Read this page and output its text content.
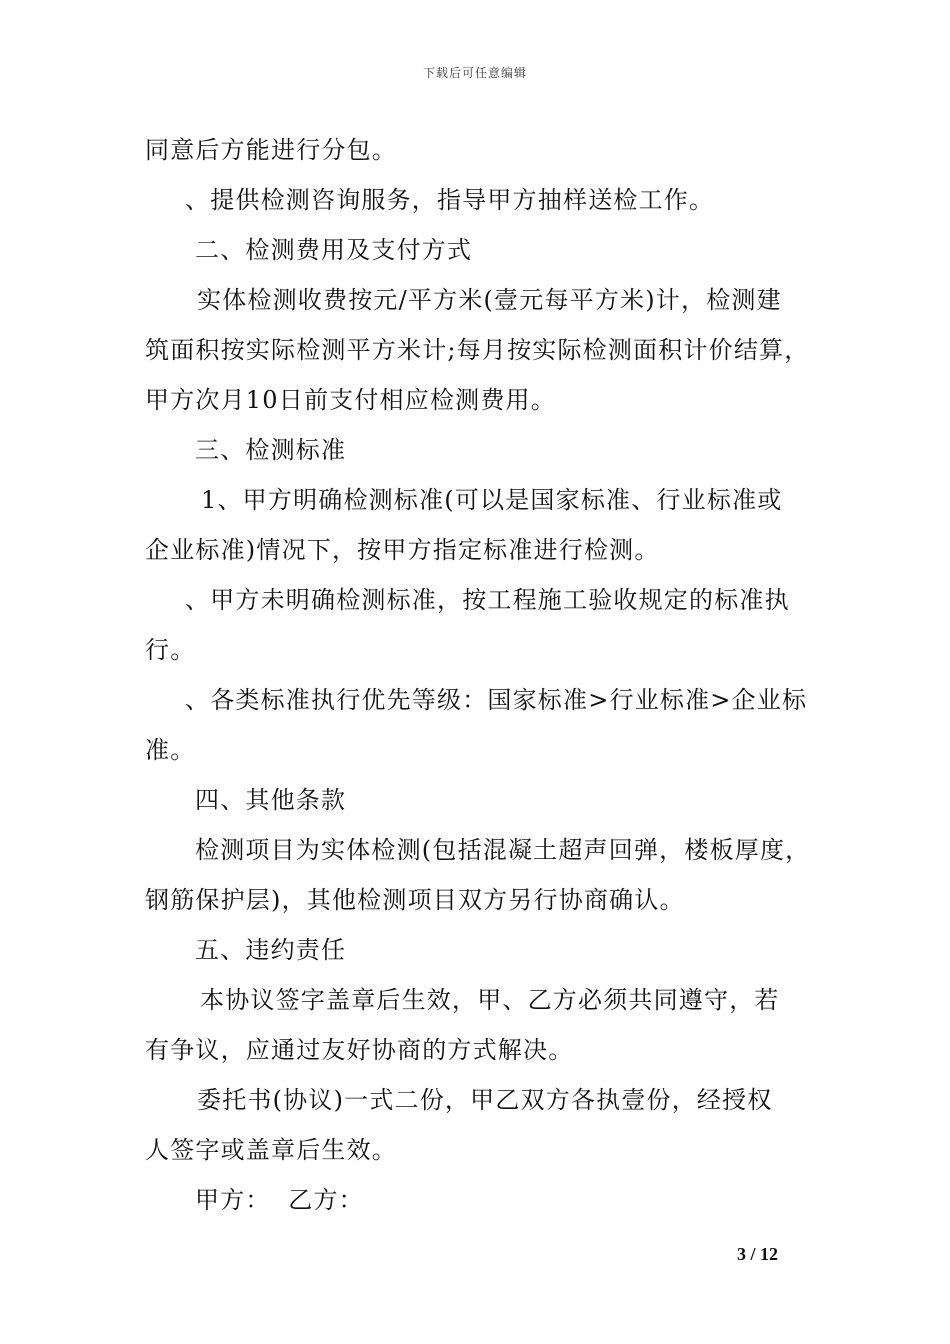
下载后可任意编辑
同意后方能进行分包。
、提供检测咨询服务，指导甲方抽样送检工作。
二、检测费用及支付方式
实体检测收费按元/平方米(壹元每平方米)计，检测建
筑面积按实际检测平方米计;每月按实际检测面积计价结算，
甲方次月10日前支付相应检测费用。
三、检测标准
1、甲方明确检测标准(可以是国家标准、行业标准或
企业标准)情况下，按甲方指定标准进行检测。
、甲方未明确检测标准，按工程施工验收规定的标准执
行。
、各类标准执行优先等级：国家标准>行业标准>企业标
准。
四、其他条款
检测项目为实体检测(包括混凝土超声回弹，楼板厚度，
钢筋保护层)，其他检测项目双方另行协商确认。
五、违约责任
本协议签字盖章后生效，甲、乙方必须共同遵守，若
有争议，应通过友好协商的方式解决。
委托书(协议)一式二份，甲乙双方各执壹份，经授权
人签字或盖章后生效。
甲方：  乙方：
3 / 12
